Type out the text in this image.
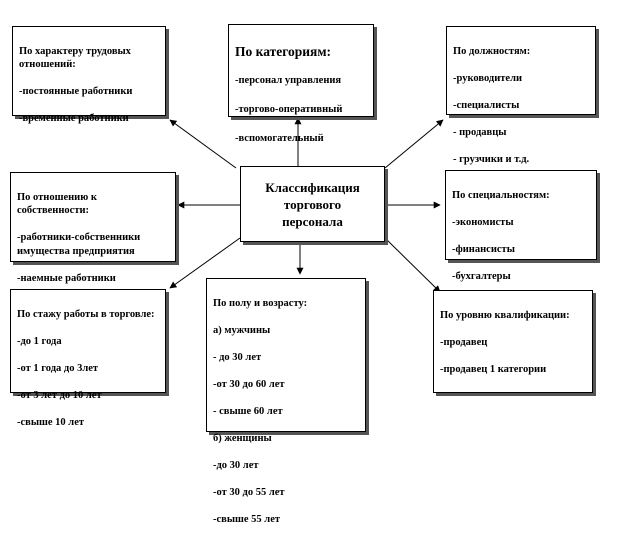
По характеру трудовых отношений:

-постоянные работники

-временные работники

По категориям:

-персонал управления

-торгово-оперативный

-вспомогательный

По должностям:

-руководители

-специалисты

- продавцы

- грузчики и т.д.

По отношению к собственности:

-работники-собственники имущества предприятия

-наемные работники

Классификация
торгового
персонала

По специальностям:

-экономисты

-финансисты

-бухгалтеры

По стажу работы в торговле:

-до 1 года

-от 1 года до 3лет

-от 3 лет до 10 лет

-свыше 10 лет

По полу и возрасту:

а) мужчины

- до 30 лет

-от 30 до 60 лет

- свыше 60 лет

б) женщины

-до 30 лет

-от 30 до 55 лет

-свыше 55 лет

По уровню квалификации:

-продавец

-продавец 1 категории
